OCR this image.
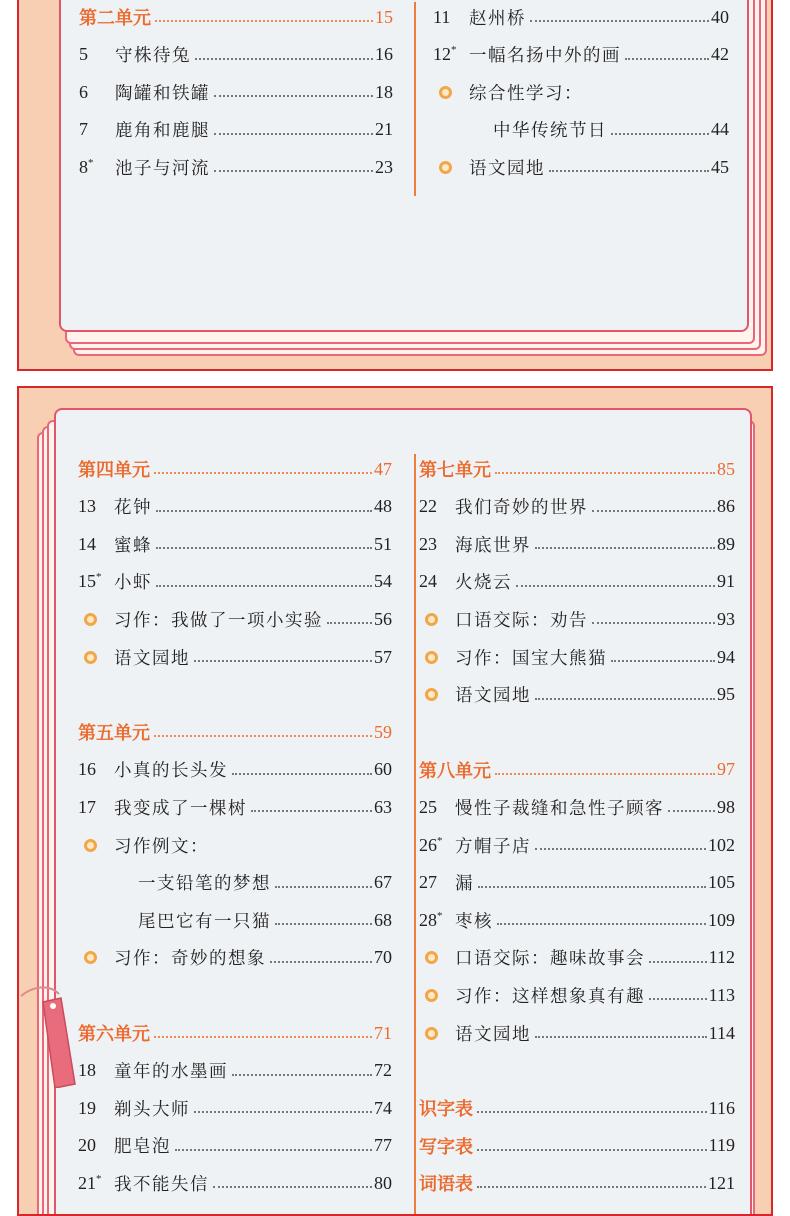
第二单元	15
5	守株待兔	16
6	陶罐和铁罐	18
7	鹿角和鹿腿	21
8*	池子与河流	23
11	赵州桥	40
12* 一幅名扬中外的画	42
综合性学习：
中华传统节日	44
语文园地	45
第四单元	47
13	花钟	48
14	蜜蜂	51
15* 小虾	54
习作：我做了一项小实验	56
语文园地	57
第五单元	59
16	小真的长头发	60
17	我变成了一棵树	63
习作例文：
一支铅笔的梦想	67
尾巴它有一只猫	68
习作：奇妙的想象	70
第六单元	71
18	童年的水墨画	72
19	剃头大师	74
20	肥皂泡	77
21* 我不能失信	80
第七单元	85
22	我们奇妙的世界	86
23	海底世界	89
24	火烧云	91
口语交际：劝告	93
习作：国宝大熊猫	94
语文园地	95
第八单元	97
25	慢性子裁缝和急性子顾客	98
26* 方帽子店	102
27	漏	105
28* 枣核	109
口语交际：趣味故事会	112
习作：这样想象真有趣	113
语文园地	114
识字表	116
写字表	119
词语表	121
